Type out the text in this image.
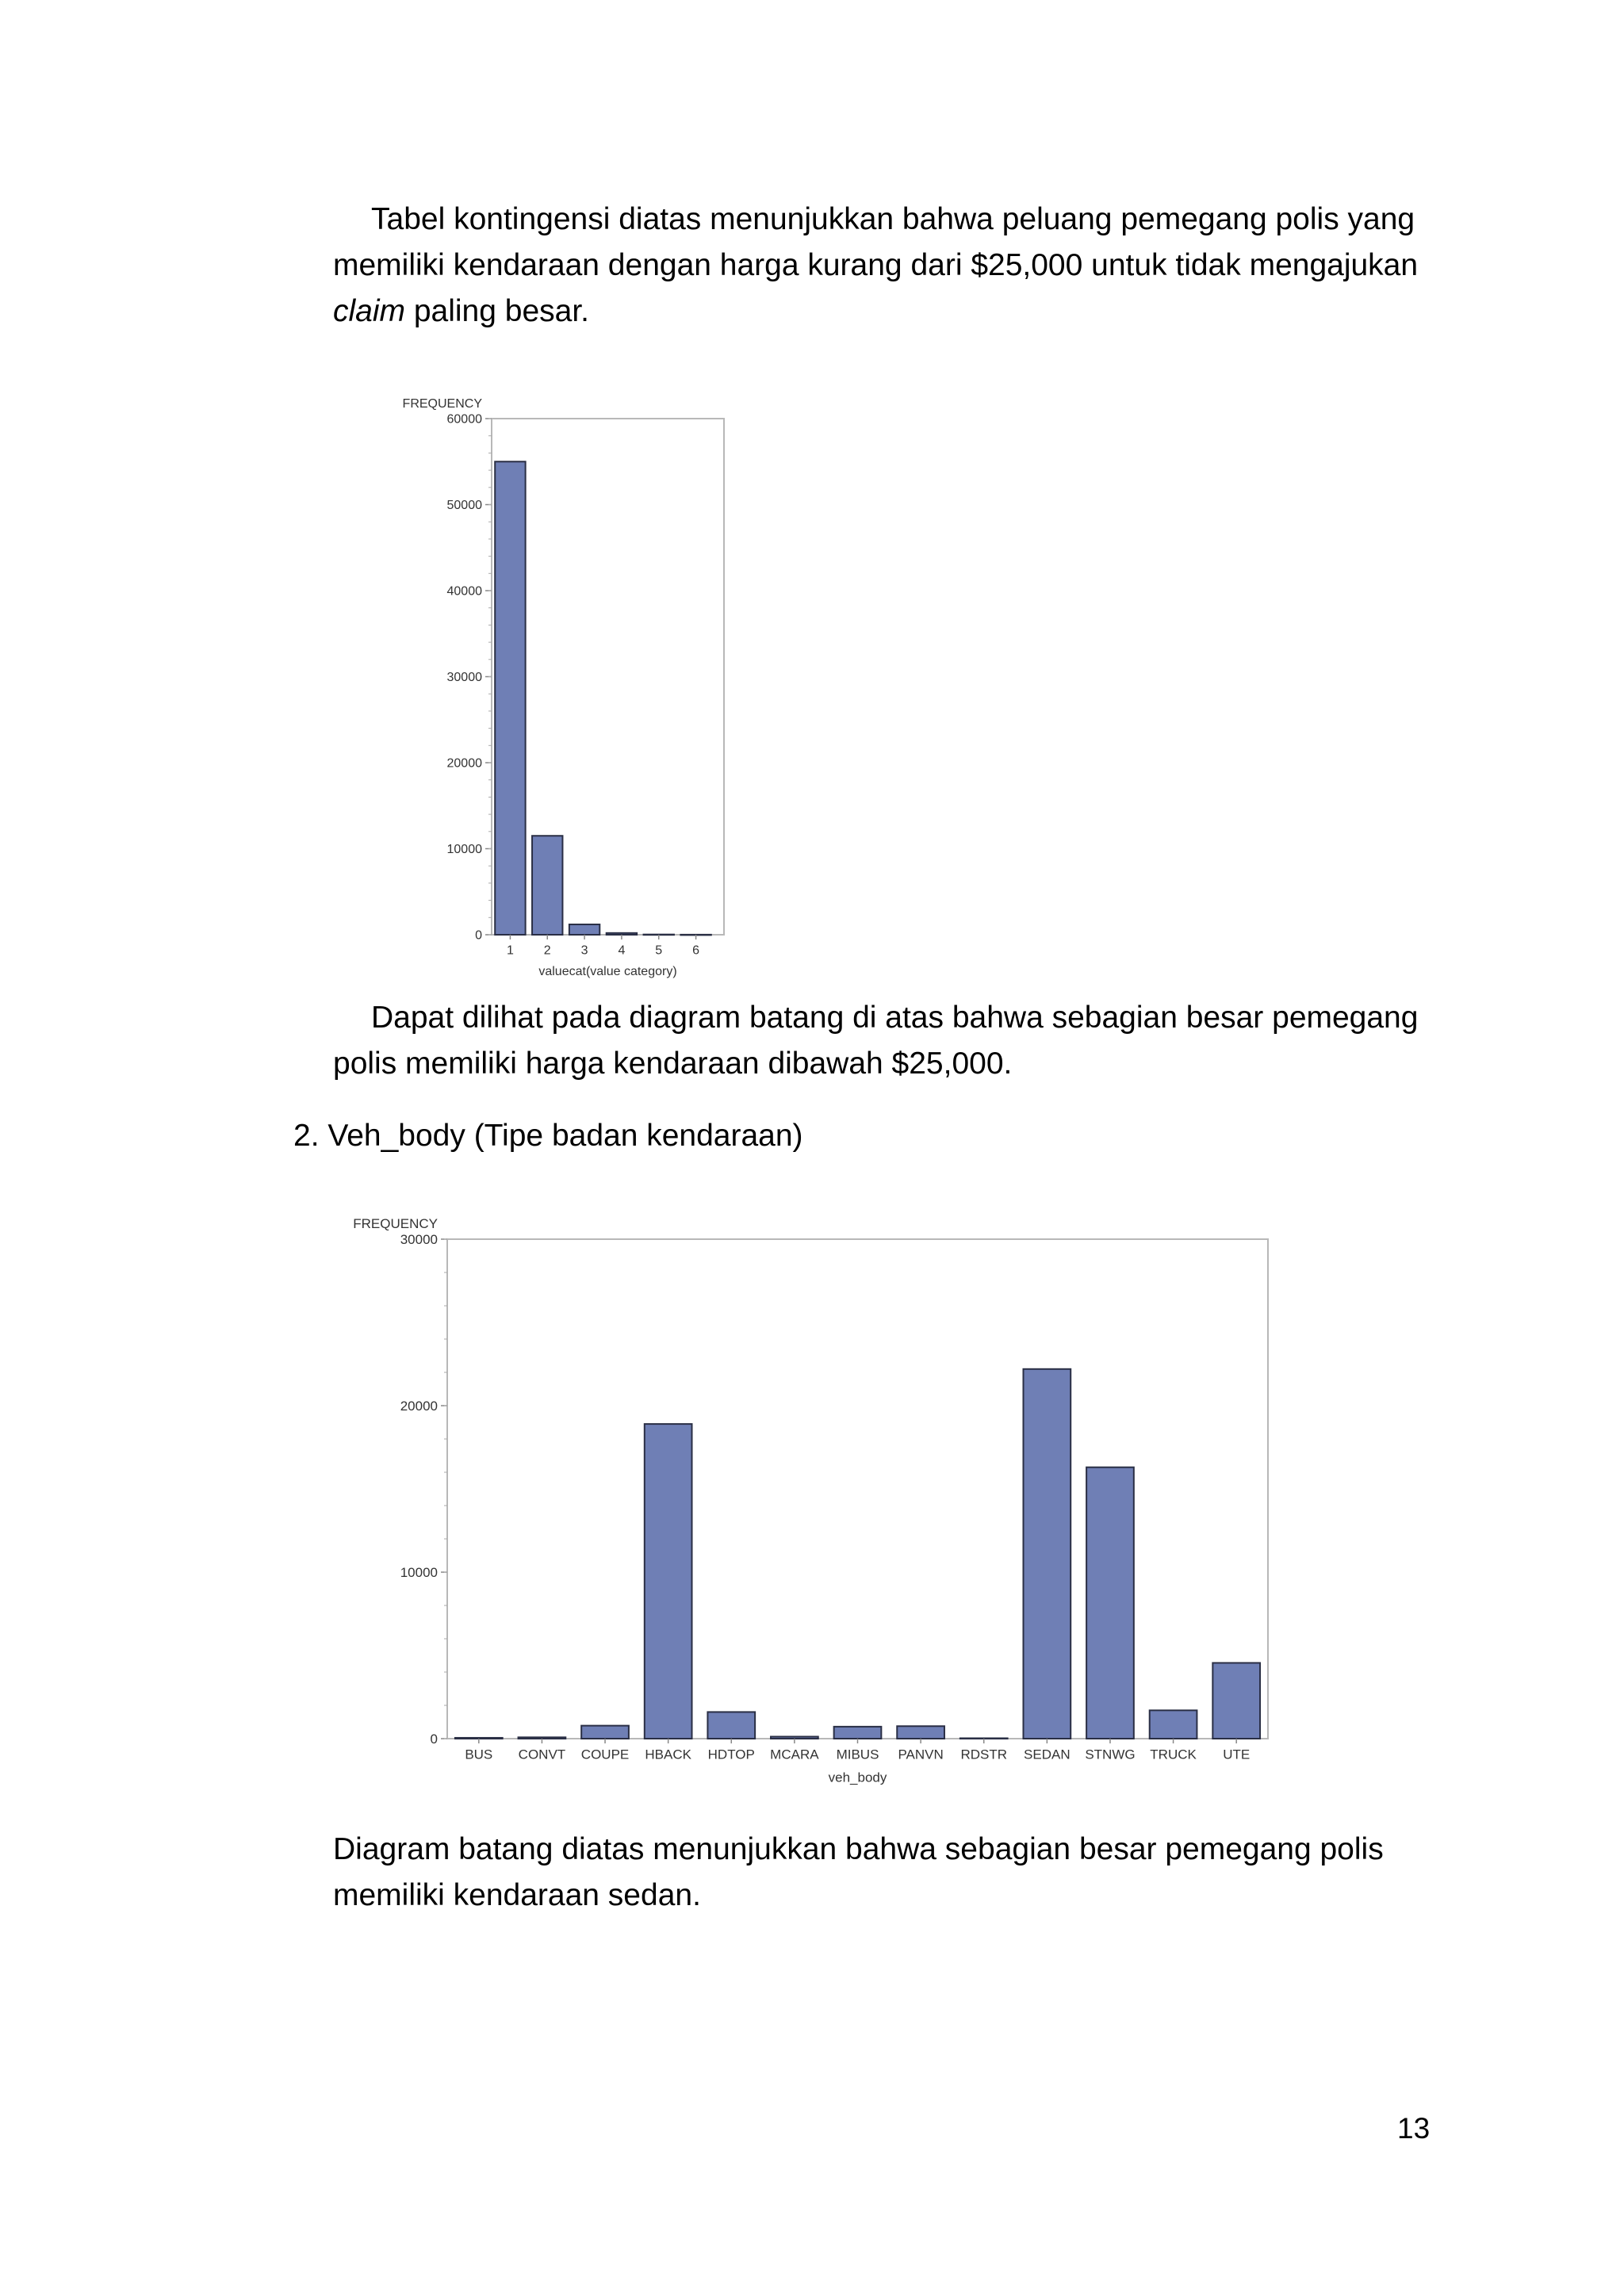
Tabel kontingensi diatas menunjukkan bahwa peluang pemegang polis yang
memiliki kendaraan dengan harga kurang dari $25,000 untuk tidak mengajukan
claim paling besar.

FREQUENCY
0
10000
20000
30000
40000
50000
60000
1 2 3 4 5 6
valuecat(value category)

Dapat dilihat pada diagram batang di atas bahwa sebagian besar pemegang
polis memiliki harga kendaraan dibawah $25,000.

2. Veh_body (Tipe badan kendaraan)

FREQUENCY
0
10000
20000
30000
BUS CONVT COUPE HBACK HDTOP MCARA MIBUS PANVN RDSTR SEDAN STNWG TRUCK UTE
veh_body

Diagram batang diatas menunjukkan bahwa sebagian besar pemegang polis
memiliki kendaraan sedan.

13
